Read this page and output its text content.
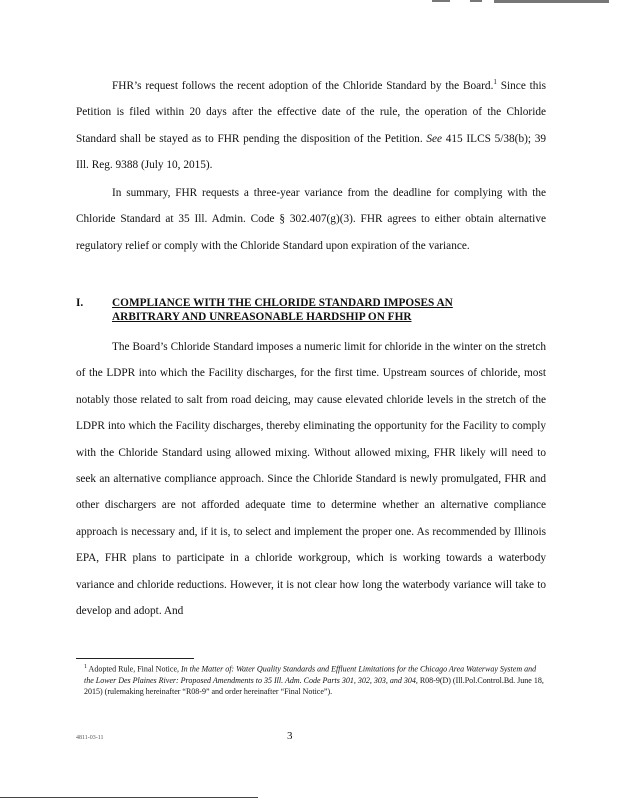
FHR’s request follows the recent adoption of the Chloride Standard by the Board.$^1$ Since this Petition is filed within 20 days after the effective date of the rule, the operation of the Chloride Standard shall be stayed as to FHR pending the disposition of the Petition. See 415 ILCS 5/38(b); 39 Ill. Reg. 9388 (July 10, 2015).

In summary, FHR requests a three-year variance from the deadline for complying with the Chloride Standard at 35 Ill. Admin. Code § 302.407(g)(3). FHR agrees to either obtain alternative regulatory relief or comply with the Chloride Standard upon expiration of the variance.

I.	COMPLIANCE WITH THE CHLORIDE STANDARD IMPOSES AN ARBITRARY AND UNREASONABLE HARDSHIP ON FHR

The Board’s Chloride Standard imposes a numeric limit for chloride in the winter on the stretch of the LDPR into which the Facility discharges, for the first time. Upstream sources of chloride, most notably those related to salt from road deicing, may cause elevated chloride levels in the stretch of the LDPR into which the Facility discharges, thereby eliminating the opportunity for the Facility to comply with the Chloride Standard using allowed mixing. Without allowed mixing, FHR likely will need to seek an alternative compliance approach. Since the Chloride Standard is newly promulgated, FHR and other dischargers are not afforded adequate time to determine whether an alternative compliance approach is necessary and, if it is, to select and implement the proper one. As recommended by Illinois EPA, FHR plans to participate in a chloride workgroup, which is working towards a waterbody variance and chloride reductions. However, it is not clear how long the waterbody variance will take to develop and adopt. And

$^1$ Adopted Rule, Final Notice, In the Matter of: Water Quality Standards and Effluent Limitations for the Chicago Area Waterway System and the Lower Des Plaines River: Proposed Amendments to 35 Ill. Adm. Code Parts 301, 302, 303, and 304, R08-9(D) (Ill.Pol.Control.Bd. June 18, 2015) (rulemaking hereinafter “R08-9” and order hereinafter “Final Notice”).

4811-03-11	3
